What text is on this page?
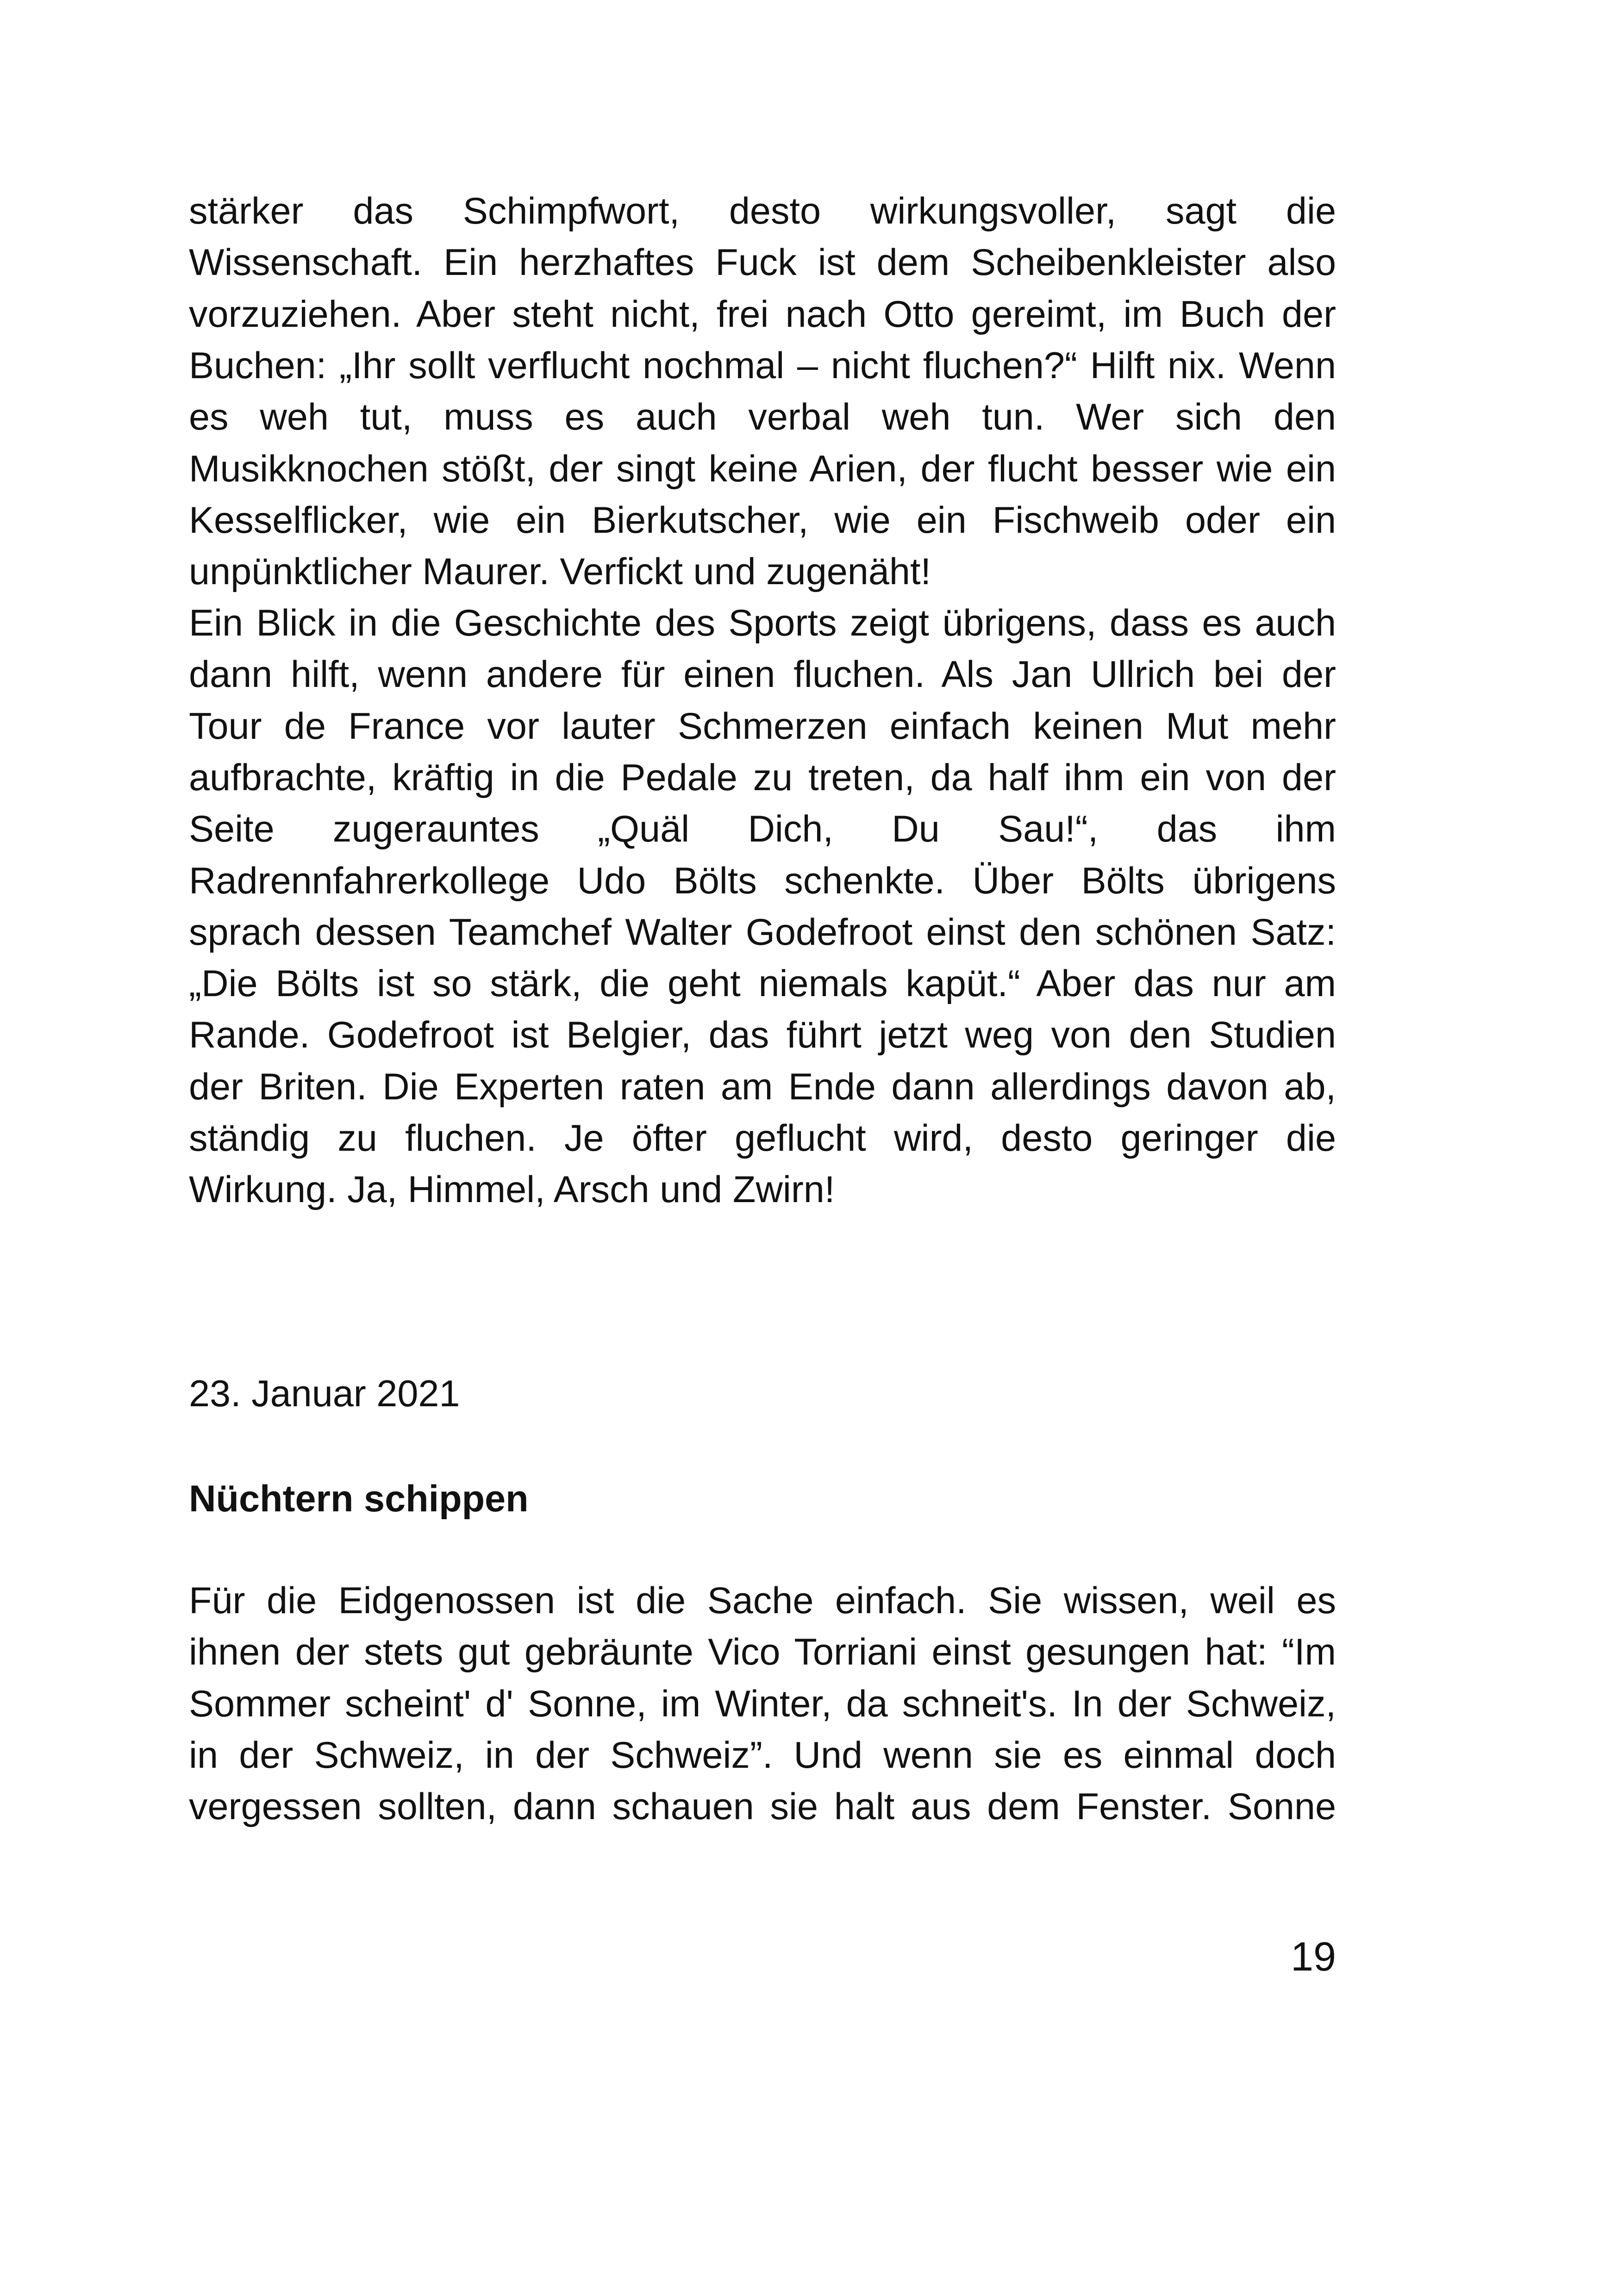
stärker das Schimpfwort, desto wirkungsvoller, sagt die
Wissenschaft. Ein herzhaftes Fuck ist dem Scheibenkleister also
vorzuziehen. Aber steht nicht, frei nach Otto gereimt, im Buch der
Buchen: „Ihr sollt verflucht nochmal – nicht fluchen?“ Hilft nix. Wenn
es weh tut, muss es auch verbal weh tun. Wer sich den
Musikknochen stößt, der singt keine Arien, der flucht besser wie ein
Kesselflicker, wie ein Bierkutscher, wie ein Fischweib oder ein
unpünktlicher Maurer. Verfickt und zugenäht!
Ein Blick in die Geschichte des Sports zeigt übrigens, dass es auch
dann hilft, wenn andere für einen fluchen. Als Jan Ullrich bei der
Tour de France vor lauter Schmerzen einfach keinen Mut mehr
aufbrachte, kräftig in die Pedale zu treten, da half ihm ein von der
Seite zugerauntes „Quäl Dich, Du Sau!“, das ihm
Radrennfahrerkollege Udo Bölts schenkte. Über Bölts übrigens
sprach dessen Teamchef Walter Godefroot einst den schönen Satz:
„Die Bölts ist so stärk, die geht niemals kapüt.“ Aber das nur am
Rande. Godefroot ist Belgier, das führt jetzt weg von den Studien
der Briten. Die Experten raten am Ende dann allerdings davon ab,
ständig zu fluchen. Je öfter geflucht wird, desto geringer die
Wirkung. Ja, Himmel, Arsch und Zwirn!
Für die Eidgenossen ist die Sache einfach. Sie wissen, weil es
ihnen der stets gut gebräunte Vico Torriani einst gesungen hat: “Im
Sommer scheint' d' Sonne, im Winter, da schneit's. In der Schweiz,
in der Schweiz, in der Schweiz”. Und wenn sie es einmal doch
vergessen sollten, dann schauen sie halt aus dem Fenster. Sonne
23. Januar 2021
Nüchtern schippen
19
